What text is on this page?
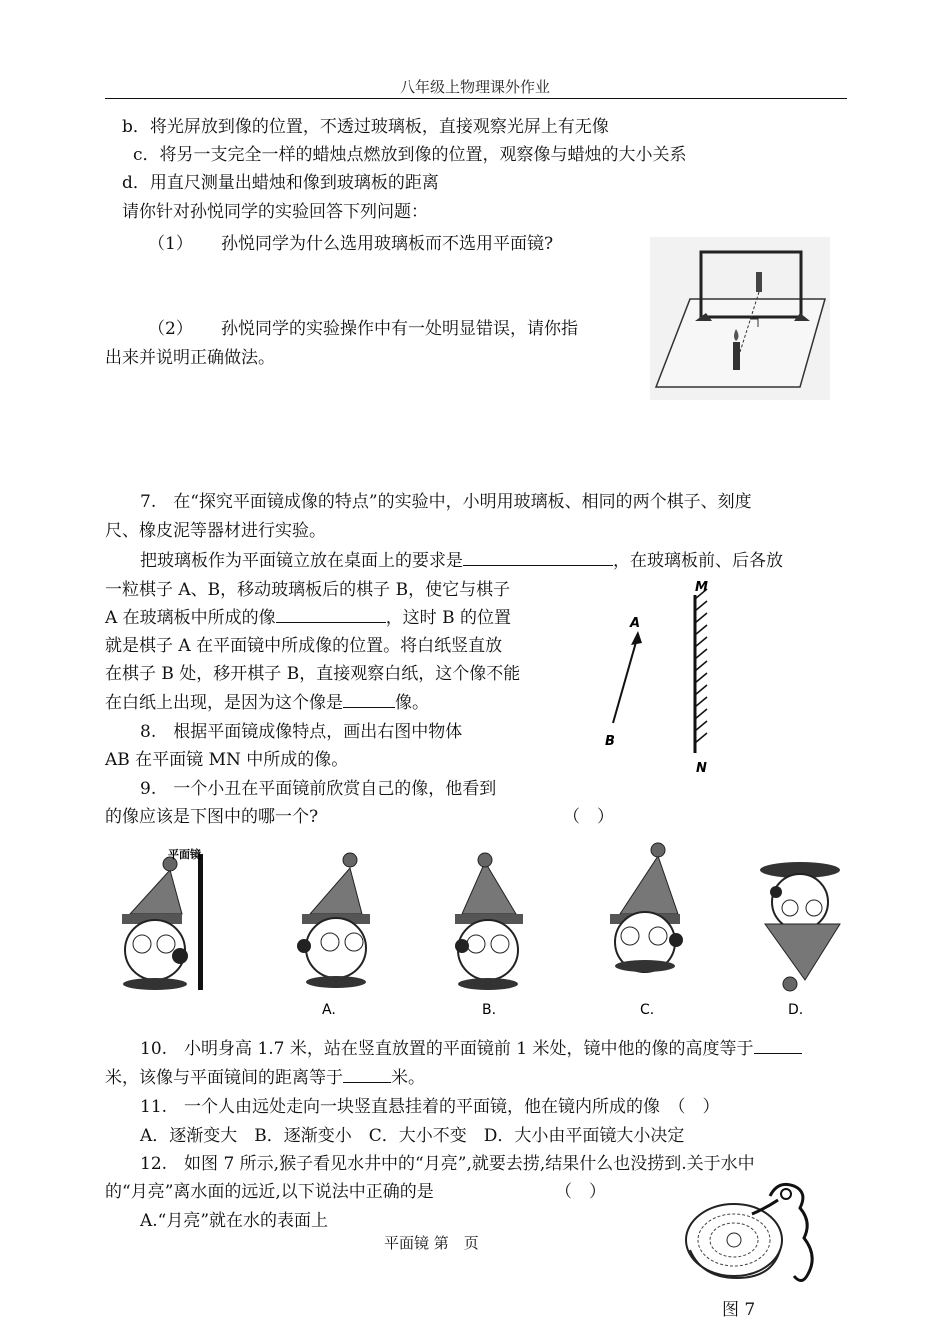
八年级上物理课外作业
b．将光屏放到像的位置，不透过玻璃板，直接观察光屏上有无像
c．将另一支完全一样的蜡烛点燃放到像的位置，观察像与蜡烛的大小关系
d．用直尺测量出蜡烛和像到玻璃板的距离
请你针对孙悦同学的实验回答下列问题：
（1） 孙悦同学为什么选用玻璃板而不选用平面镜?
（2） 孙悦同学的实验操作中有一处明显错误，请你指
出来并说明正确做法。
7.　在“探究平面镜成像的特点”的实验中，小明用玻璃板、相同的两个棋子、刻度
尺、橡皮泥等器材进行实验。
把玻璃板作为平面镜立放在桌面上的要求是	，在玻璃板前、后各放
一粒棋子 A、B，移动玻璃板后的棋子 B，使它与棋子
A 在玻璃板中所成的像	，这时 B 的位置
就是棋子 A 在平面镜中所成像的位置。将白纸竖直放
在棋子 B 处，移开棋子 B，直接观察白纸，这个像不能
在白纸上出现，是因为这个像是	像。
8.　根据平面镜成像特点，画出右图中物体
AB 在平面镜 MN 中所成的像。
9.　一个小丑在平面镜前欣赏自己的像，他看到
的像应该是下图中的哪一个?	（　）
M
N
A
B
平面镜
A.	B.	C.	D.
10.　小明身高 1.7 米，站在竖直放置的平面镜前 1 米处，镜中他的像的高度等于
米，该像与平面镜间的距离等于	米。
11.　一个人由远处走向一块竖直悬挂着的平面镜，他在镜内所成的像　（　）
A．逐渐变大　B．逐渐变小　C．大小不变　D．大小由平面镜大小决定
12.　如图 7 所示,猴子看见水井中的“月亮”,就要去捞,结果什么也没捞到.关于水中
的“月亮”离水面的远近,以下说法中正确的是	（　）
A.“月亮”就在水的表面上
图 7
平面镜 第　页
